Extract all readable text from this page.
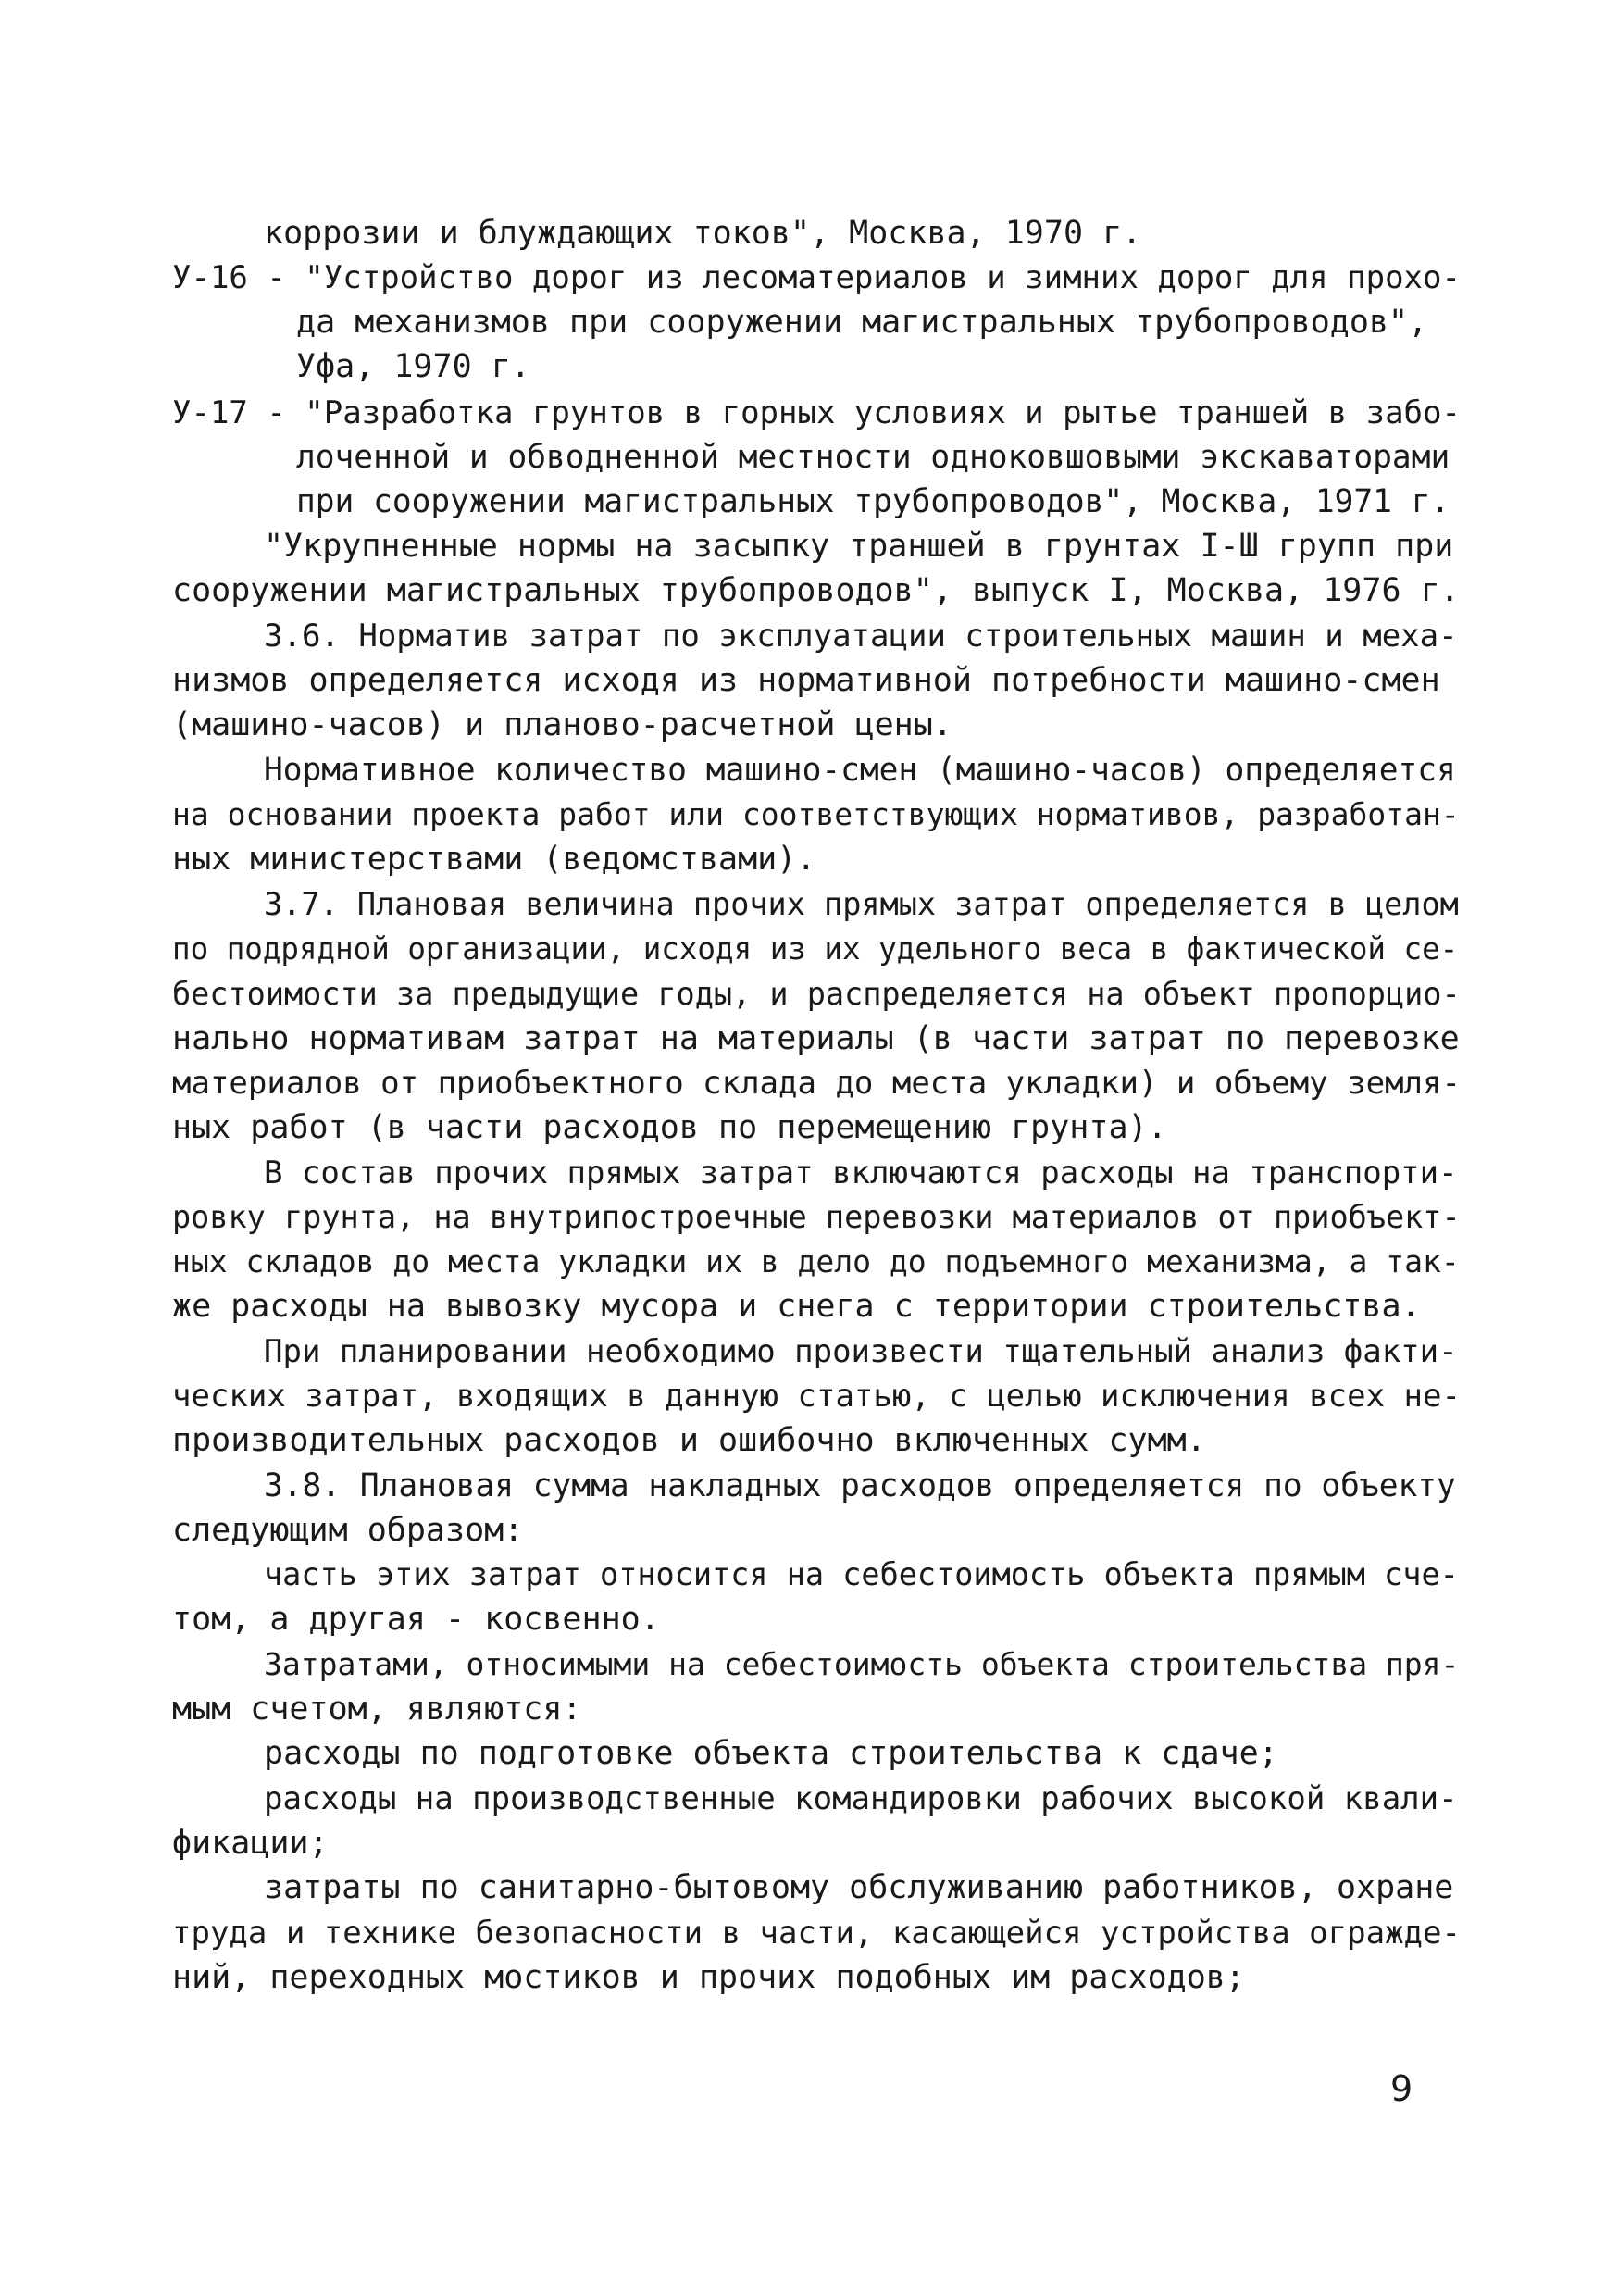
коррозии и блуждающих токов", Москва, 1970 г.
У-16 - "Устройство дорог из лесоматериалов и зимних дорог для прохо-
да механизмов при сооружении магистральных трубопроводов",
Уфа, 1970 г.
У-17 - "Разработка грунтов в горных условиях и рытье траншей в забо-
лоченной и обводненной местности одноковшовыми экскаваторами
при сооружении магистральных трубопроводов", Москва, 1971 г.
"Укрупненные нормы на засыпку траншей в грунтах I-Ш групп при
сооружении магистральных трубопроводов", выпуск I, Москва, 1976 г.
3.6. Норматив затрат по эксплуатации строительных машин и меха-
низмов определяется исходя из нормативной потребности машино-смен
(машино-часов) и планово-расчетной цены.
Нормативное количество машино-смен (машино-часов) определяется
на основании проекта работ или соответствующих нормативов, разработан-
ных министерствами (ведомствами).
3.7. Плановая величина прочих прямых затрат определяется в целом
по подрядной организации, исходя из их удельного веса в фактической се-
бестоимости за предыдущие годы, и распределяется на объект пропорцио-
нально нормативам затрат на материалы (в части затрат по перевозке
материалов от приобъектного склада до места укладки) и объему земля-
ных работ (в части расходов по перемещению грунта).
В состав прочих прямых затрат включаются расходы на транспорти-
ровку грунта, на внутрипостроечные перевозки материалов от приобъект-
ных складов до места укладки их в дело до подъемного механизма, а так-
же расходы на вывозку мусора и снега с территории строительства.
При планировании необходимо произвести тщательный анализ факти-
ческих затрат, входящих в данную статью, с целью исключения всех не-
производительных расходов и ошибочно включенных сумм.
3.8. Плановая сумма накладных расходов определяется по объекту
следующим образом:
часть этих затрат относится на себестоимость объекта прямым сче-
том, а другая - косвенно.
Затратами, относимыми на себестоимость объекта строительства пря-
мым счетом, являются:
расходы по подготовке объекта строительства к сдаче;
расходы на производственные командировки рабочих высокой квали-
фикации;
затраты по санитарно-бытовому обслуживанию работников, охране
труда и технике безопасности в части, касающейся устройства огражде-
ний, переходных мостиков и прочих подобных им расходов;
9
